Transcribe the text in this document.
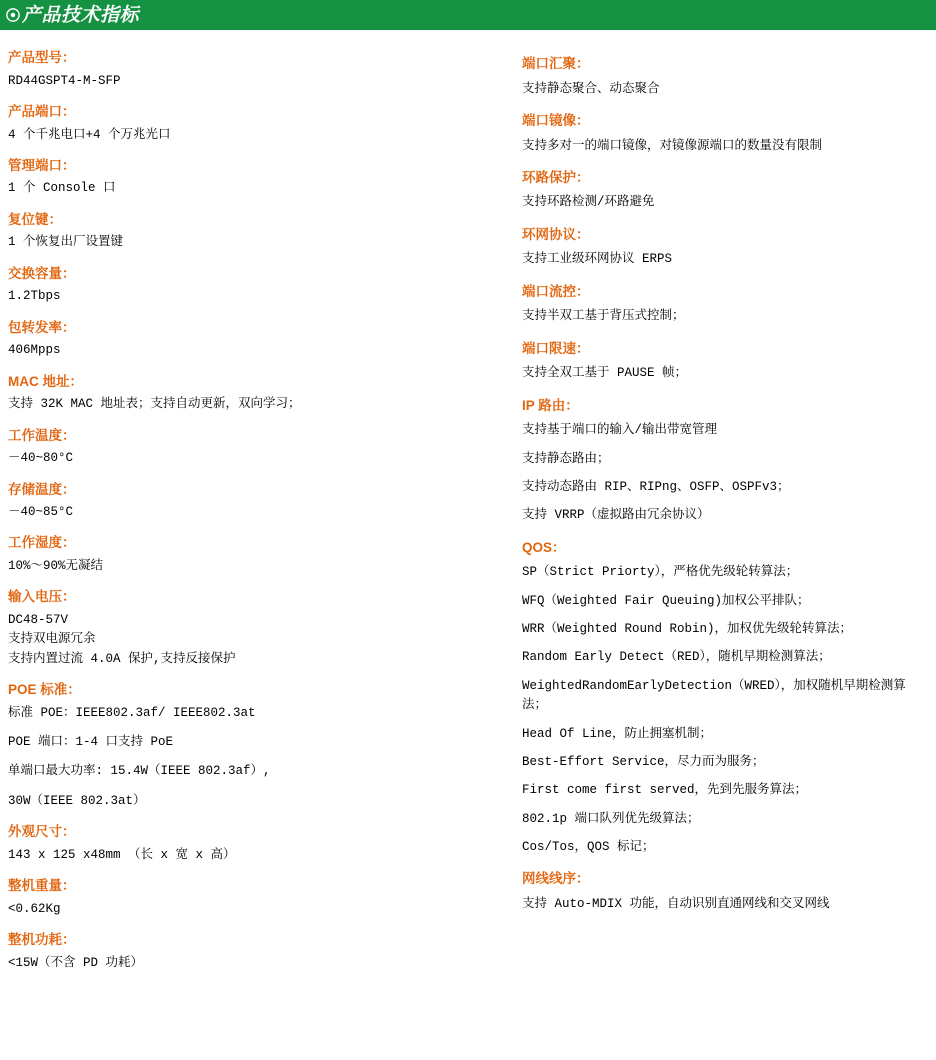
产品技术指标
产品型号：
RD44GSPT4-M-SFP
产品端口：
4 个千兆电口+4 个万兆光口
管理端口：
1 个 Console 口
复位键：
1 个恢复出厂设置键
交换容量：
1.2Tbps
包转发率：
406Mpps
MAC 地址：
支持 32K MAC 地址表；支持自动更新，双向学习；
工作温度：
－40~80°C
存储温度：
－40~85°C
工作湿度：
10%～90%无凝结
输入电压：
DC48-57V
支持双电源冗余
支持内置过流 4.0A 保护,支持反接保护
POE 标准：
标准 POE：IEEE802.3af/ IEEE802.3at
POE 端口：1-4 口支持 PoE
单端口最大功率: 15.4W（IEEE 802.3af）,
30W（IEEE 802.3at）
外观尺寸：
143 x 125 x48mm （长 x 宽 x 高）
整机重量：
<0.62Kg
整机功耗：
<15W（不含 PD 功耗）
端口汇聚：
支持静态聚合、动态聚合
端口镜像：
支持多对一的端口镜像，对镜像源端口的数量没有限制
环路保护：
支持环路检测/环路避免
环网协议：
支持工业级环网协议 ERPS
端口流控：
支持半双工基于背压式控制；
端口限速：
支持全双工基于 PAUSE 帧；
IP 路由：
支持基于端口的输入/输出带宽管理
支持静态路由；
支持动态路由 RIP、RIPng、OSFP、OSPFv3；
支持 VRRP（虚拟路由冗余协议）
QOS：
SP（Strict Priorty），严格优先级轮转算法；
WFQ（Weighted Fair Queuing)加权公平排队；
WRR（Weighted Round Robin)，加权优先级轮转算法；
Random Early Detect（RED），随机早期检测算法；
WeightedRandomEarlyDetection（WRED），加权随机早期检测算法；
Head Of Line，防止拥塞机制；
Best-Effort Service，尽力而为服务；
First come first served，先到先服务算法；
802.1p 端口队列优先级算法；
Cos/Tos，QOS 标记；
网线线序：
支持 Auto-MDIX 功能，自动识别直通网线和交叉网线
